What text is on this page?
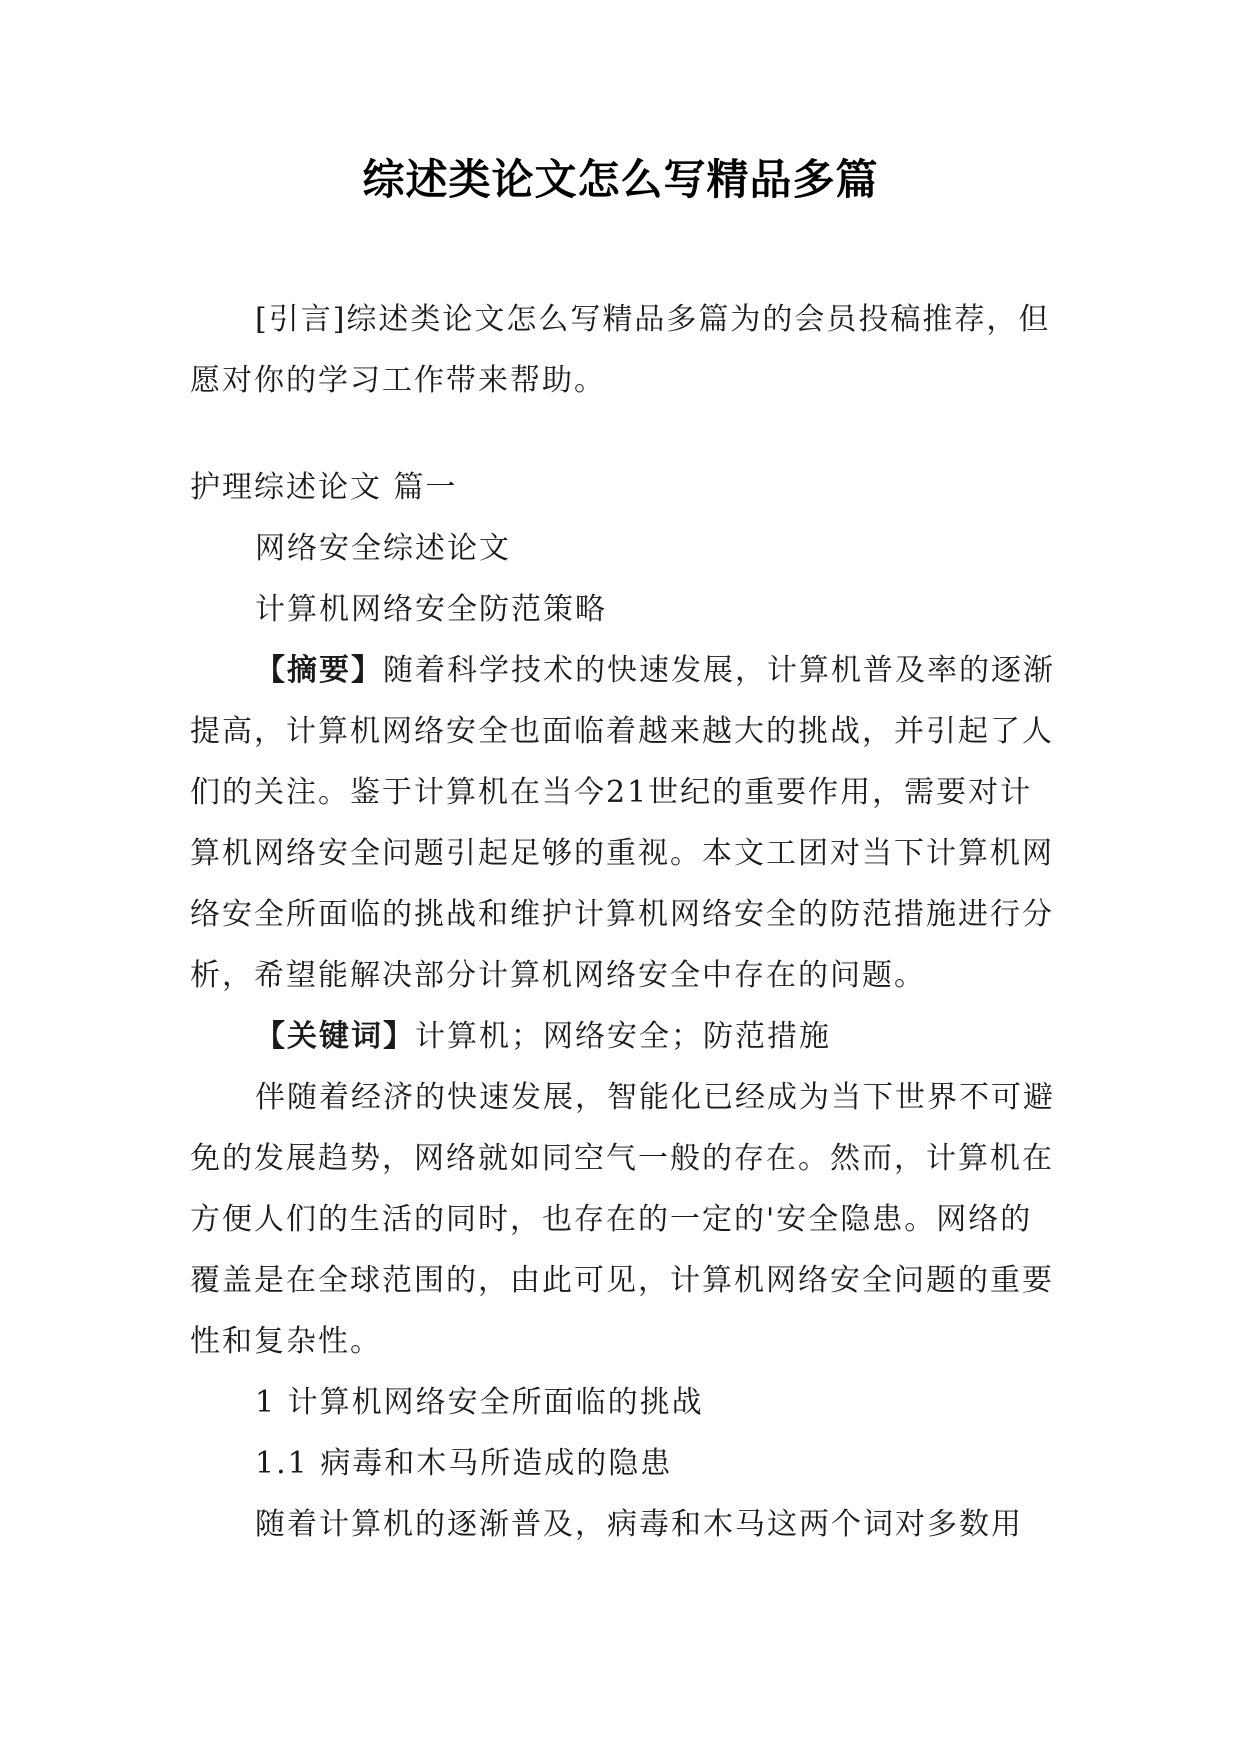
综述类论文怎么写精品多篇

[引言]综述类论文怎么写精品多篇为的会员投稿推荐，但愿对你的学习工作带来帮助。

护理综述论文 篇一

网络安全综述论文

计算机网络安全防范策略

【摘要】随着科学技术的快速发展，计算机普及率的逐渐提高，计算机网络安全也面临着越来越大的挑战，并引起了人们的关注。鉴于计算机在当今21世纪的重要作用，需要对计算机网络安全问题引起足够的重视。本文工团对当下计算机网络安全所面临的挑战和维护计算机网络安全的防范措施进行分析，希望能解决部分计算机网络安全中存在的问题。

【关键词】计算机；网络安全；防范措施

伴随着经济的快速发展，智能化已经成为当下世界不可避免的发展趋势，网络就如同空气一般的存在。然而，计算机在方便人们的生活的同时，也存在的一定的'安全隐患。网络的覆盖是在全球范围的，由此可见，计算机网络安全问题的重要性和复杂性。

1 计算机网络安全所面临的挑战

1.1 病毒和木马所造成的隐患

随着计算机的逐渐普及，病毒和木马这两个词对多数用
